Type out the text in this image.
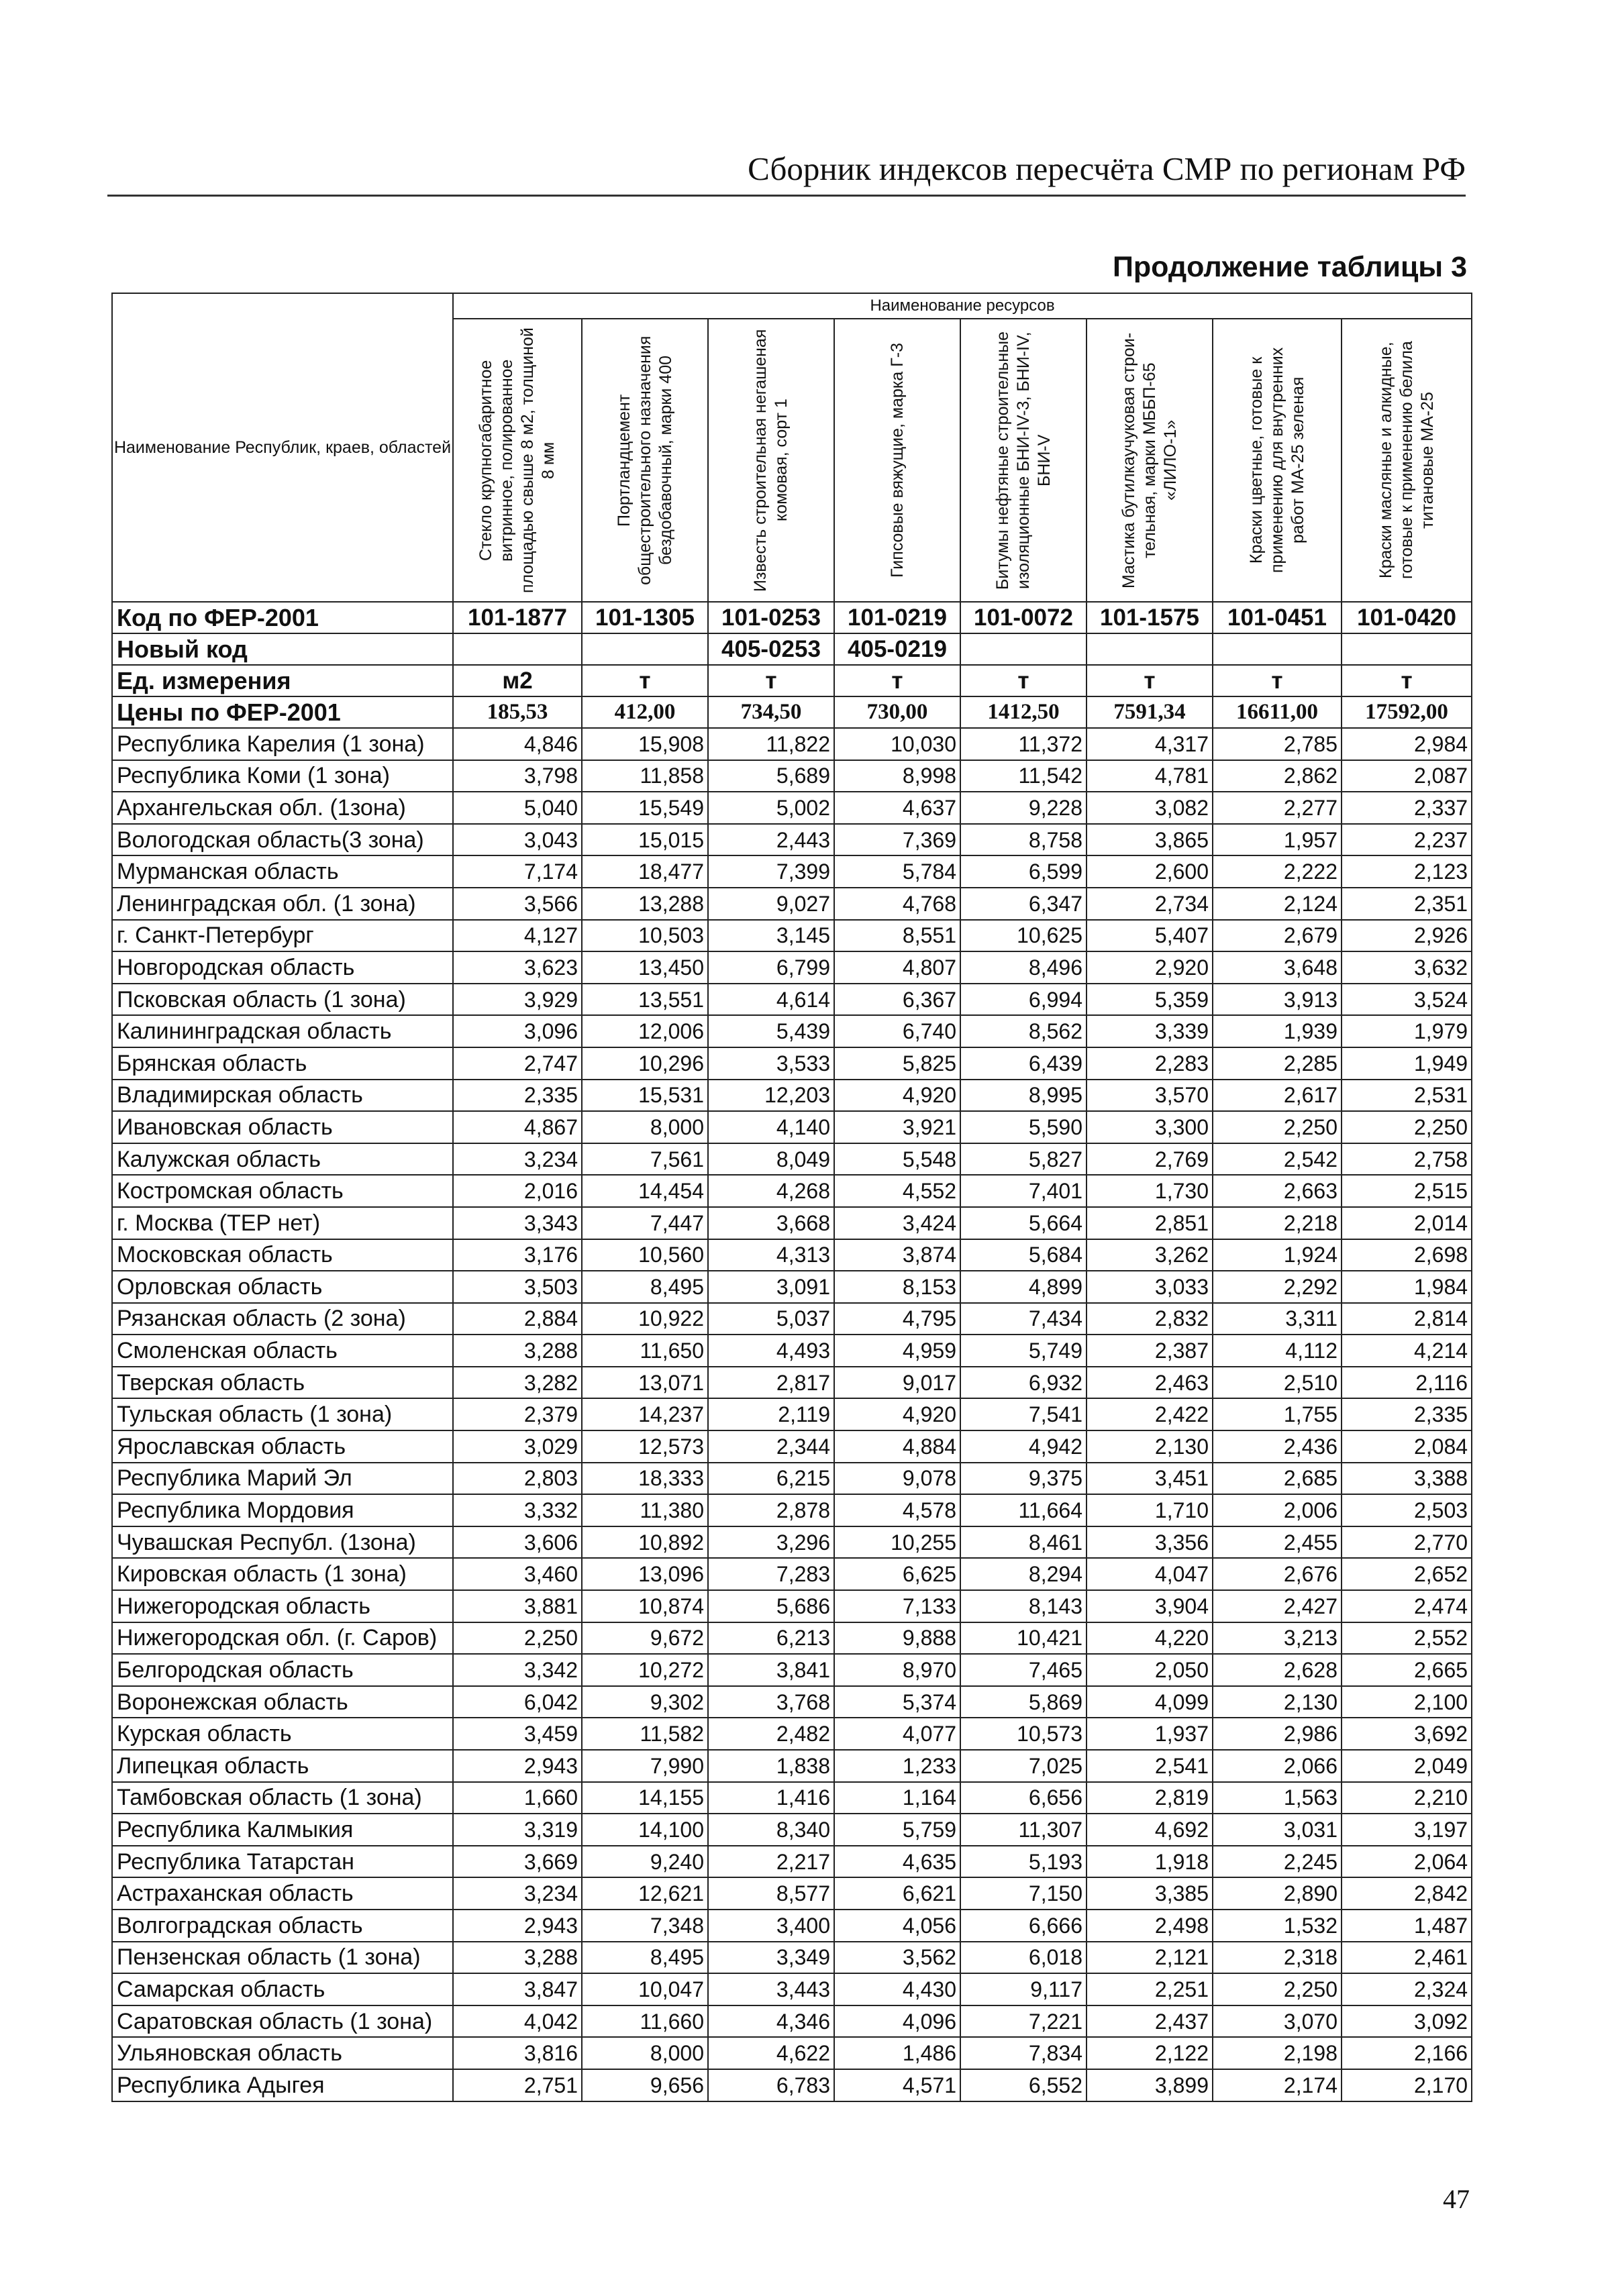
Сборник индексов пересчёта СМР по регионам РФ
Продолжение таблицы 3
Наименование Республик, краев, областей	Наименование ресурсов							

	Стекло крупногабаритное витринное, полированное площадью свыше 8 м2, толщиной 8 мм	Портландцемент общестроительного назначения бездобавочный, марки 400	Известь строительная негашеная комовая, сорт 1	Гипсовые вяжущие, марка Г-3	Битумы нефтяные строительные изоляционные БНИ-IV-3, БНИ-IV, БНИ-V	Мастика бутилкаучуковая строи-тельная, марки МББП-65 «ЛИЛО-1»	Краски цветные, готовые к применению для внутренних работ МА-25 зеленая	Краски масляные и алкидные, готовые к применению белила титановые МА-25

Код по ФЕР-2001	101-1877	101-1305	101-0253	101-0219	101-0072	101-1575	101-0451	101-0420
Новый код			405-0253	405-0219				
Ед. измерения	м2	т	т	т	т	т	т	т
Цены по ФЕР-2001	185,53	412,00	734,50	730,00	1412,50	7591,34	16611,00	17592,00
Республика Карелия (1 зона)	4,846	15,908	11,822	10,030	11,372	4,317	2,785	2,984
Республика Коми (1 зона)	3,798	11,858	5,689	8,998	11,542	4,781	2,862	2,087
Архангельская обл. (1зона)	5,040	15,549	5,002	4,637	9,228	3,082	2,277	2,337
Вологодская область(3 зона)	3,043	15,015	2,443	7,369	8,758	3,865	1,957	2,237
Мурманская область	7,174	18,477	7,399	5,784	6,599	2,600	2,222	2,123
Ленинградская обл. (1 зона)	3,566	13,288	9,027	4,768	6,347	2,734	2,124	2,351
г. Санкт-Петербург	4,127	10,503	3,145	8,551	10,625	5,407	2,679	2,926
Новгородская область	3,623	13,450	6,799	4,807	8,496	2,920	3,648	3,632
Псковская область (1 зона)	3,929	13,551	4,614	6,367	6,994	5,359	3,913	3,524
Калининградская область	3,096	12,006	5,439	6,740	8,562	3,339	1,939	1,979
Брянская область	2,747	10,296	3,533	5,825	6,439	2,283	2,285	1,949
Владимирская область	2,335	15,531	12,203	4,920	8,995	3,570	2,617	2,531
Ивановская область	4,867	8,000	4,140	3,921	5,590	3,300	2,250	2,250
Калужская область	3,234	7,561	8,049	5,548	5,827	2,769	2,542	2,758
Костромская область	2,016	14,454	4,268	4,552	7,401	1,730	2,663	2,515
г. Москва (ТЕР нет)	3,343	7,447	3,668	3,424	5,664	2,851	2,218	2,014
Московская область	3,176	10,560	4,313	3,874	5,684	3,262	1,924	2,698
Орловская область	3,503	8,495	3,091	8,153	4,899	3,033	2,292	1,984
Рязанская область (2 зона)	2,884	10,922	5,037	4,795	7,434	2,832	3,311	2,814
Смоленская область	3,288	11,650	4,493	4,959	5,749	2,387	4,112	4,214
Тверская область	3,282	13,071	2,817	9,017	6,932	2,463	2,510	2,116
Тульская область (1 зона)	2,379	14,237	2,119	4,920	7,541	2,422	1,755	2,335
Ярославская область	3,029	12,573	2,344	4,884	4,942	2,130	2,436	2,084
Республика Марий Эл	2,803	18,333	6,215	9,078	9,375	3,451	2,685	3,388
Республика Мордовия	3,332	11,380	2,878	4,578	11,664	1,710	2,006	2,503
Чувашская Республ. (1зона)	3,606	10,892	3,296	10,255	8,461	3,356	2,455	2,770
Кировская область (1 зона)	3,460	13,096	7,283	6,625	8,294	4,047	2,676	2,652
Нижегородская область	3,881	10,874	5,686	7,133	8,143	3,904	2,427	2,474
Нижегородская обл. (г. Саров)	2,250	9,672	6,213	9,888	10,421	4,220	3,213	2,552
Белгородская область	3,342	10,272	3,841	8,970	7,465	2,050	2,628	2,665
Воронежская область	6,042	9,302	3,768	5,374	5,869	4,099	2,130	2,100
Курская область	3,459	11,582	2,482	4,077	10,573	1,937	2,986	3,692
Липецкая область	2,943	7,990	1,838	1,233	7,025	2,541	2,066	2,049
Тамбовская область (1 зона)	1,660	14,155	1,416	1,164	6,656	2,819	1,563	2,210
Республика Калмыкия	3,319	14,100	8,340	5,759	11,307	4,692	3,031	3,197
Республика Татарстан	3,669	9,240	2,217	4,635	5,193	1,918	2,245	2,064
Астраханская область	3,234	12,621	8,577	6,621	7,150	3,385	2,890	2,842
Волгоградская область	2,943	7,348	3,400	4,056	6,666	2,498	1,532	1,487
Пензенская область (1 зона)	3,288	8,495	3,349	3,562	6,018	2,121	2,318	2,461
Самарская область	3,847	10,047	3,443	4,430	9,117	2,251	2,250	2,324
Саратовская область (1 зона)	4,042	11,660	4,346	4,096	7,221	2,437	3,070	3,092
Ульяновская область	3,816	8,000	4,622	1,486	7,834	2,122	2,198	2,166
Республика Адыгея	2,751	9,656	6,783	4,571	6,552	3,899	2,174	2,170
47
